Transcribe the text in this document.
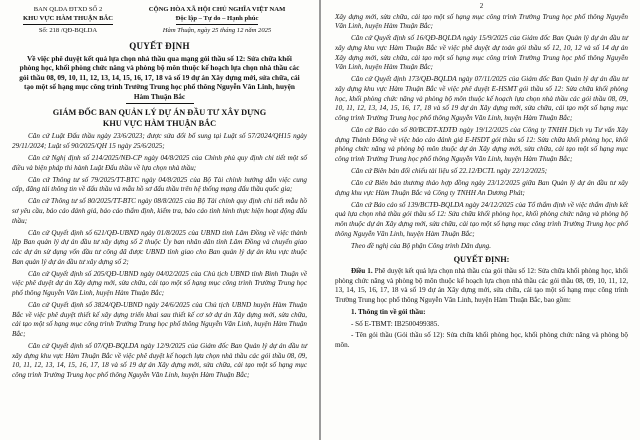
BAN QLDA ĐTXD SỐ 2
KHU VỰC HÀM THUẬN BẮC
CỘNG HÒA XÃ HỘI CHỦ NGHĨA VIỆT NAM
Độc lập – Tự do – Hạnh phúc
Số: 218 /QĐ-BQLDA	Hàm Thuận, ngày 25 tháng 12 năm 2025
QUYẾT ĐỊNH
Về việc phê duyệt kết quả lựa chọn nhà thầu qua mạng gói thầu số 12: Sửa chữa khối phòng học, khối phòng chức năng và phòng bộ môn thuộc kế hoạch lựa chọn nhà thầu các gói thầu 08, 09, 10, 11, 12, 13, 14, 15, 16, 17, 18 và số 19 dự án Xây dựng mới, sửa chữa, cải tạo một số hạng mục công trình Trường Trung học phổ thông Nguyễn Văn Linh, huyện Hàm Thuận Bắc
GIÁM ĐỐC BAN QUẢN LÝ DỰ ÁN ĐẦU TƯ XÂY DỰNG
KHU VỰC HÀM THUẬN BẮC

Căn cứ Luật Đấu thầu ngày 23/6/2023; được sửa đổi bổ sung tại Luật số 57/2024/QH15 ngày 29/11/2024; Luật số 90/2025/QH 15 ngày 25/6/2025;

Căn cứ Nghị định số 214/2025/NĐ-CP ngày 04/8/2025 của Chính phủ quy định chi tiết một số điều và biện pháp thi hành Luật Đấu thầu về lựa chọn nhà thầu;

Căn cứ Thông tư số 79/2025/TT-BTC ngày 04/8/2025 của Bộ Tài chính hướng dẫn việc cung cấp, đăng tải thông tin về đấu thầu và mẫu hồ sơ đấu thầu trên hệ thống mạng đấu thầu quốc gia;

Căn cứ Thông tư số 80/2025/TT-BTC ngày 08/8/2025 của Bộ Tài chính quy định chi tiết mẫu hồ sơ yêu cầu, báo cáo đánh giá, báo cáo thẩm định, kiểm tra, báo cáo tình hình thực hiện hoạt động đấu thầu;

Căn cứ Quyết định số 621/QĐ-UBND ngày 01/8/2025 của UBND tỉnh Lâm Đồng về việc thành lập Ban quản lý dự án đầu tư xây dựng số 2 thuộc Ủy ban nhân dân tỉnh Lâm Đồng và chuyển giao các dự án sử dụng vốn đầu tư công đã được UBND tỉnh giao cho Ban quản lý dự án khu vực thuộc Ban quản lý dự án đầu tư xây dựng số 2;

Căn cứ Quyết định số 205/QĐ-UBND ngày 04/02/2025 của Chủ tịch UBND tỉnh Bình Thuận về việc phê duyệt dự án Xây dựng mới, sửa chữa, cải tạo một số hạng mục công trình Trường Trung học phổ thông Nguyễn Văn Linh, huyện Hàm Thuận Bắc;

Căn cứ Quyết định số 3824/QĐ-UBND ngày 24/6/2025 của Chủ tịch UBND huyện Hàm Thuận Bắc về việc phê duyệt thiết kế xây dựng triển khai sau thiết kế cơ sở dự án Xây dựng mới, sửa chữa, cải tạo một số hạng mục công trình Trường Trung học phổ thông Nguyễn Văn Linh, huyện Hàm Thuận Bắc;

Căn cứ Quyết định số 07/QĐ-BQLDA ngày 12/9/2025 của Giám đốc Ban Quản lý dự án đầu tư xây dựng khu vực Hàm Thuận Bắc về việc phê duyệt kế hoạch lựa chọn nhà thầu các gói thầu 08, 09, 10, 11, 12, 13, 14, 15, 16, 17, 18 và số 19 dự án Xây dựng mới, sửa chữa, cải tạo một số hạng mục công trình Trường Trung học phổ thông Nguyễn Văn Linh, huyện Hàm Thuận Bắc;

2

Xây dựng mới, sửa chữa, cải tạo một số hạng mục công trình Trường Trung học phổ thông Nguyễn Văn Linh, huyện Hàm Thuận Bắc;

Căn cứ Quyết định số 16/QĐ-BQLDA ngày 15/9/2025 của Giám đốc Ban Quản lý dự án đầu tư xây dựng khu vực Hàm Thuận Bắc về việc phê duyệt dự toán gói thầu số 12, 10, 12 và số 14 dự án Xây dựng mới, sửa chữa, cải tạo một số hạng mục công trình Trường Trung học phổ thông Nguyễn Văn Linh, huyện Hàm Thuận Bắc;

Căn cứ Quyết định 173/QĐ-BQLDA ngày 07/11/2025 của Giám đốc Ban Quản lý dự án đầu tư xây dựng khu vực Hàm Thuận Bắc về việc phê duyệt E-HSMT gói thầu số 12: Sửa chữa khối phòng học, khối phòng chức năng và phòng bộ môn thuộc kế hoạch lựa chọn nhà thầu các gói thầu 08, 09, 10, 11, 12, 13, 14, 15, 16, 17, 18 và số 19 dự án Xây dựng mới, sửa chữa, cải tạo một số hạng mục công trình Trường Trung học phổ thông Nguyễn Văn Linh, huyện Hàm Thuận Bắc;

Căn cứ Báo cáo số 80/BCĐT-XDTĐ ngày 19/12/2025 của Công ty TNHH Dịch vụ Tư vấn Xây dựng Thành Đông về việc báo cáo đánh giá E-HSDT gói thầu số 12: Sửa chữa khối phòng học, khối phòng chức năng và phòng bộ môn thuộc dự án Xây dựng mới, sửa chữa, cải tạo một số hạng mục công trình Trường Trung học phổ thông Nguyễn Văn Linh, huyện Hàm Thuận Bắc;

Căn cứ Biên bản đối chiếu tài liệu số 22.12/ĐCTL ngày 22/12/2025;

Căn cứ Biên bản thương thảo hợp đồng ngày 23/12/2025 giữa Ban Quản lý dự án đầu tư xây dựng khu vực Hàm Thuận Bắc và Công ty TNHH An Dương Phát;

Căn cứ Báo cáo số 139/BCTĐ-BQLDA ngày 24/12/2025 của Tổ thẩm định về việc thẩm định kết quả lựa chọn nhà thầu gói thầu số 12: Sửa chữa khối phòng học, khối phòng chức năng và phòng bộ môn thuộc dự án Xây dựng mới, sửa chữa, cải tạo một số hạng mục công trình Trường Trung học phổ thông Nguyễn Văn Linh, huyện Hàm Thuận Bắc;

Theo đề nghị của Bộ phận Công trình Dân dụng.

QUYẾT ĐỊNH:

Điều 1. Phê duyệt kết quả lựa chọn nhà thầu của gói thầu số 12: Sửa chữa khối phòng học, khối phòng chức năng và phòng bộ môn thuộc kế hoạch lựa chọn nhà thầu các gói thầu 08, 09, 10, 11, 12, 13, 14, 15, 16, 17, 18 và số 19 dự án Xây dựng mới, sửa chữa, cải tạo một số hạng mục công trình Trường Trung học phổ thông Nguyễn Văn Linh, huyện Hàm Thuận Bắc, bao gồm:

1. Thông tin về gói thầu:

- Số E-TBMT: IB2500499385.

- Tên gói thầu (Gói thầu số 12): Sửa chữa khối phòng học, khối phòng chức năng và phòng bộ môn.
